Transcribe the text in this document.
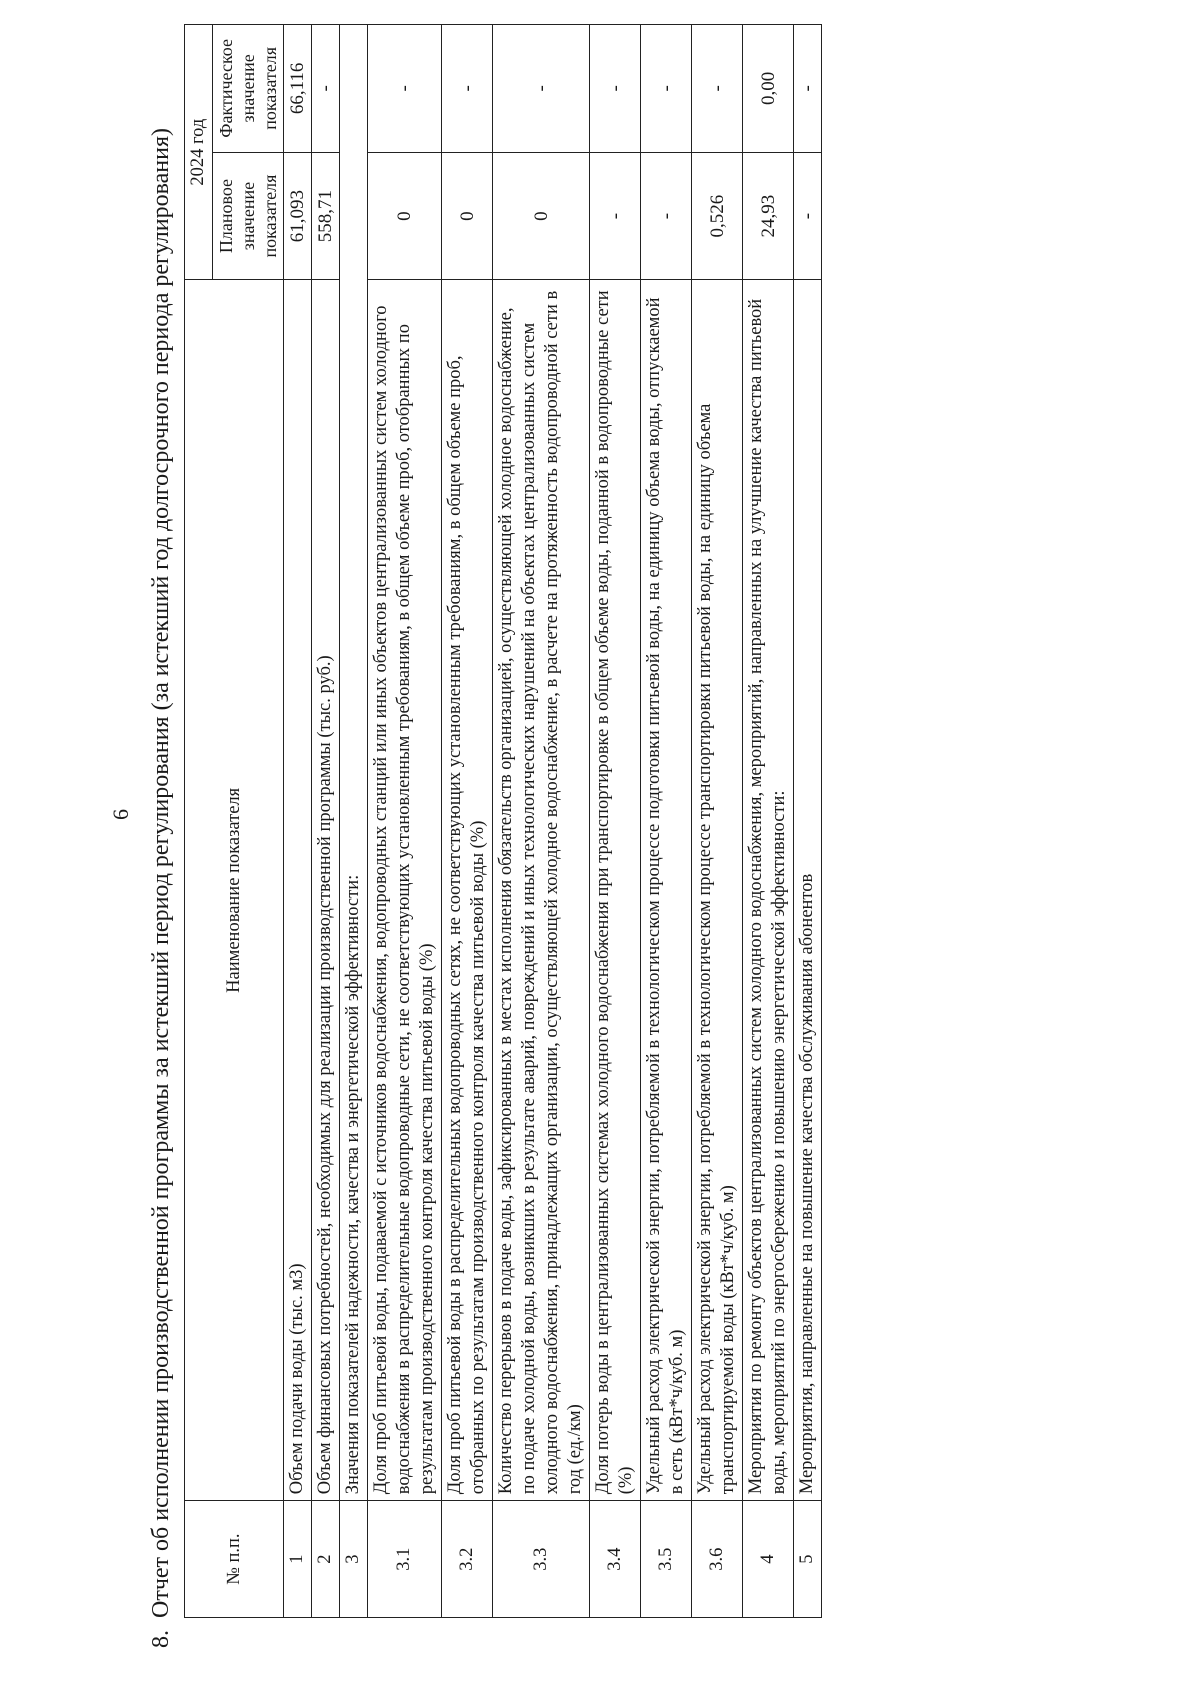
6

8. Отчет об исполнении производственной программы за истекший период регулирования (за истекший год долгосрочного периода регулирования)	№ п.п.	Наименование показателя	2024 год	
		Плановое значение показателя	Фактическое значение показателя
1	Объем подачи воды (тыс. м3)	61,093	66,116
2	Объем финансовых потребностей, необходимых для реализации производственной программы (тыс. руб.)	558,71	-
3	Значения показателей надежности, качества и энергетической эффективности:		
3.1	Доля проб питьевой воды, подаваемой с источников водоснабжения, водопроводных станций или иных объектов централизованных систем холодного водоснабжения в распределительные водопроводные сети, не соответствующих установленным требованиям, в общем объеме проб, отобранных по результатам производственного контроля качества питьевой воды (%)	0	-
3.2	Доля проб питьевой воды в распределительных водопроводных сетях, не соответствующих установленным требованиям, в общем объеме проб, отобранных по результатам производственного контроля качества питьевой воды (%)	0	-
3.3	Количество перерывов в подаче воды, зафиксированных в местах исполнения обязательств организацией, осуществляющей холодное водоснабжение, по подаче холодной воды, возникших в результате аварий, повреждений и иных технологических нарушений на объектах централизованных систем холодного водоснабжения, принадлежащих организации, осуществляющей холодное водоснабжение, в расчете на протяженность водопроводной сети в год (ед./км)	0	-
3.4	Доля потерь воды в централизованных системах холодного водоснабжения при транспортировке в общем объеме воды, поданной в водопроводные сети (%)	-	-
3.5	Удельный расход электрической энергии, потребляемой в технологическом процессе подготовки питьевой воды, на единицу объема воды, отпускаемой в сеть (кВт*ч/куб. м)	-	-
3.6	Удельный расход электрической энергии, потребляемой в технологическом процессе транспортировки питьевой воды, на единицу объема транспортируемой воды (кВт*ч/куб. м)	0,526	-
4	Мероприятия по ремонту объектов централизованных систем холодного водоснабжения, мероприятий, направленных на улучшение качества питьевой воды, мероприятий по энергосбережению и повышению энергетической эффективности:	24,93	0,00
5	Мероприятия, направленные на повышение качества обслуживания абонентов	-	-
